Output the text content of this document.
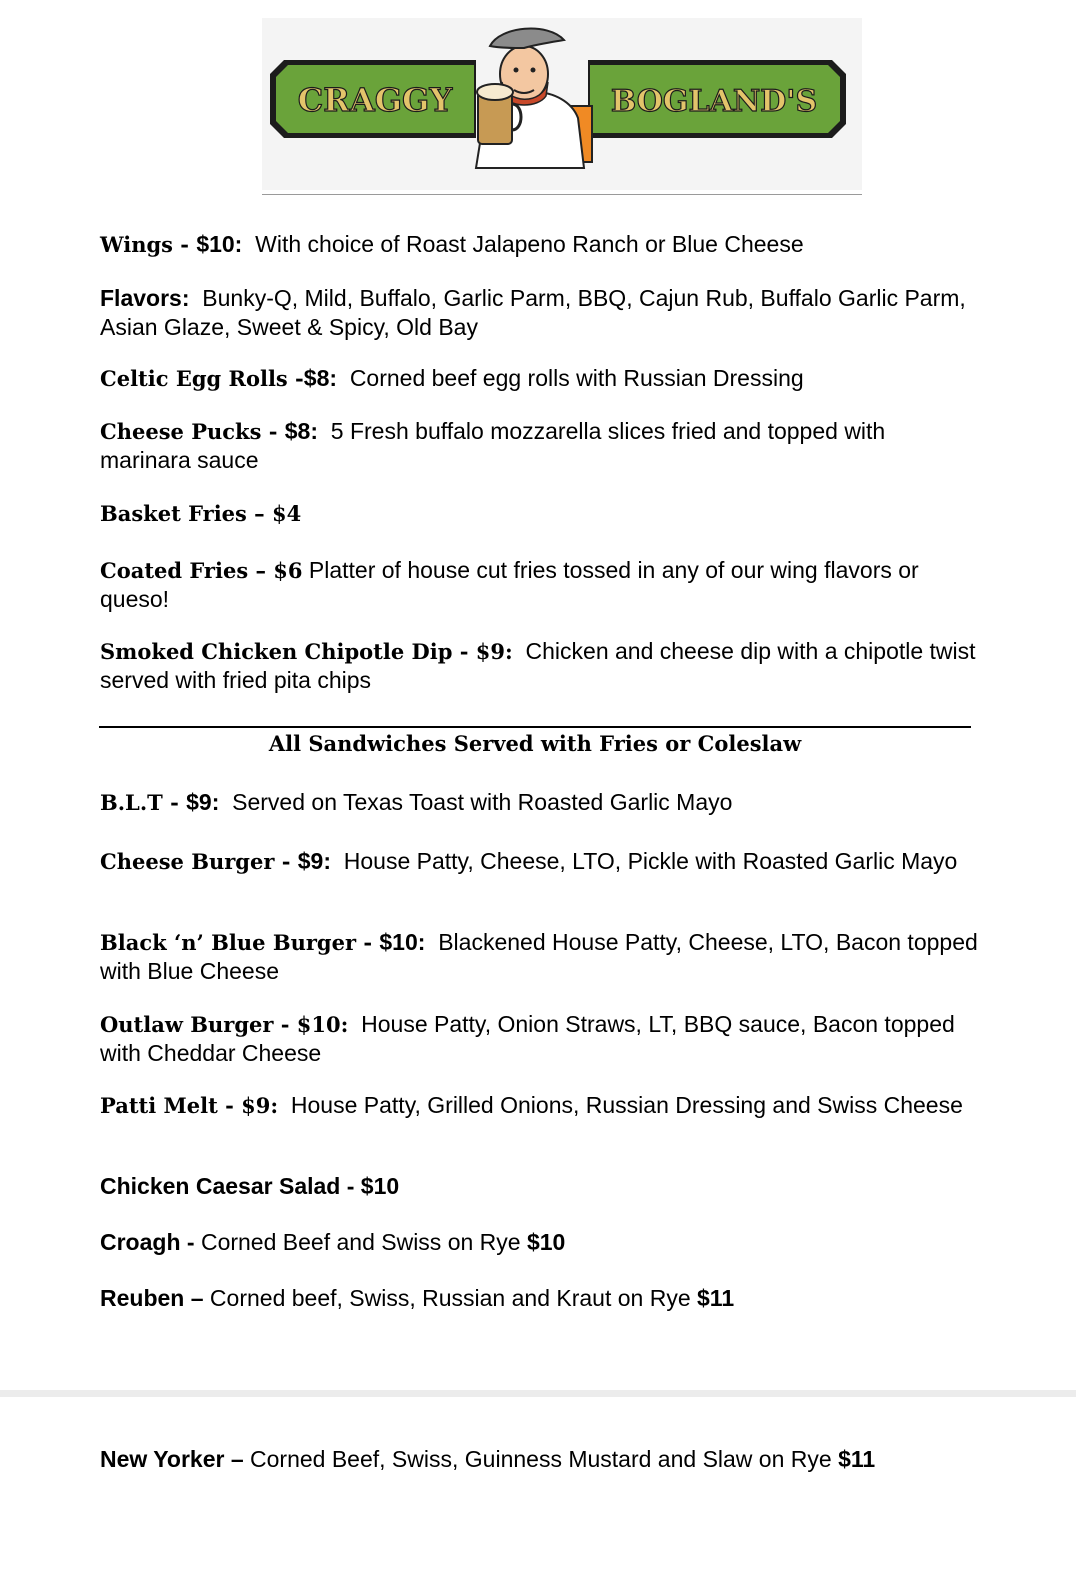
CRAGGY	BOGLAND'S
Wings - $10: With choice of Roast Jalapeno Ranch or Blue Cheese
Flavors: Bunky-Q, Mild, Buffalo, Garlic Parm, BBQ, Cajun Rub, Buffalo Garlic Parm, Asian Glaze, Sweet & Spicy, Old Bay
Celtic Egg Rolls -$8: Corned beef egg rolls with Russian Dressing
Cheese Pucks - $8: 5 Fresh buffalo mozzarella slices fried and topped with marinara sauce
Basket Fries – $4
Coated Fries – $6 Platter of house cut fries tossed in any of our wing flavors or queso!
Smoked Chicken Chipotle Dip - $9: Chicken and cheese dip with a chipotle twist served with fried pita chips
All Sandwiches Served with Fries or Coleslaw
B.L.T - $9: Served on Texas Toast with Roasted Garlic Mayo
Cheese Burger - $9: House Patty, Cheese, LTO, Pickle with Roasted Garlic Mayo
Black ‘n’ Blue Burger - $10: Blackened House Patty, Cheese, LTO, Bacon topped with Blue Cheese
Outlaw Burger - $10: House Patty, Onion Straws, LT, BBQ sauce, Bacon topped with Cheddar Cheese
Patti Melt - $9: House Patty, Grilled Onions, Russian Dressing and Swiss Cheese
Chicken Caesar Salad - $10
Croagh - Corned Beef and Swiss on Rye $10
Reuben – Corned beef, Swiss, Russian and Kraut on Rye $11
New Yorker – Corned Beef, Swiss, Guinness Mustard and Slaw on Rye $11
